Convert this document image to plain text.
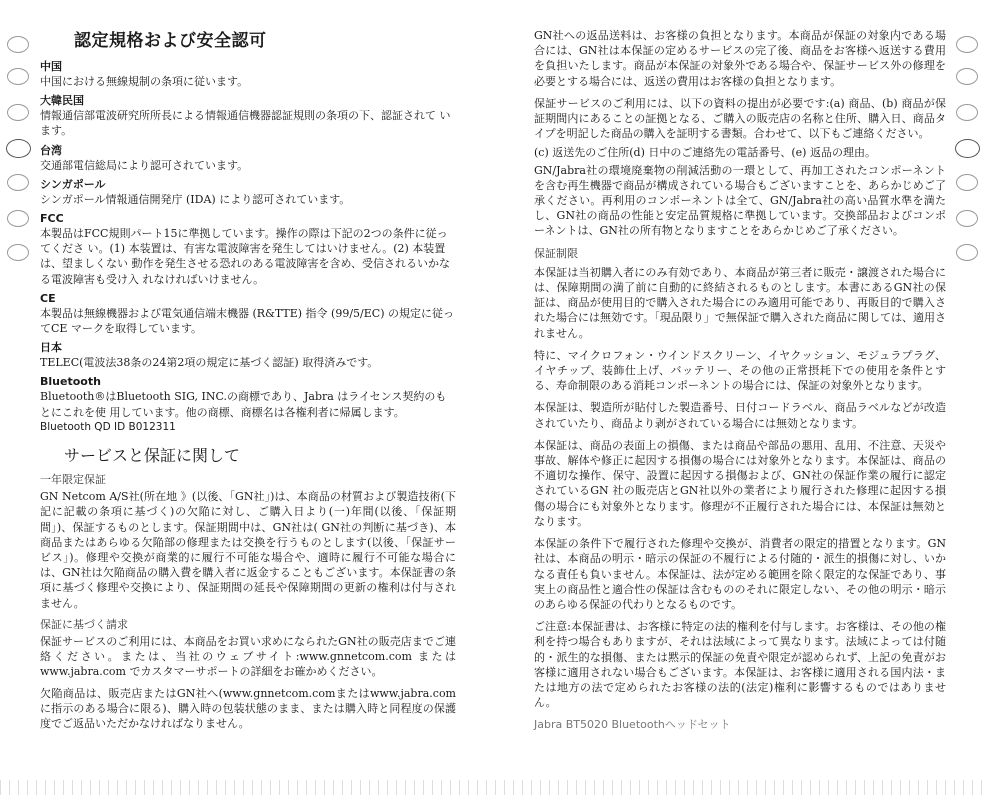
認定規格および安全認可
中国

中国における無線規制の条項に従います。

大韓民国

情報通信部電波研究所所長による情報通信機器認証規則の条項の下、認証されて い ます。

台湾

交通部電信総局により認可されています。

シンガポール

シンガポール情報通信開発庁 (IDA) により認可されています。

FCC

本製品はFCC規則パート15に準拠しています。操作の際は下記の2つの条件に従ってくださ い。(1) 本装置は、有害な電波障害を発生してはいけません。(2) 本装置は、望ましくない 動作を発生させる恐れのある電波障害を含め、受信されるいかなる電波障害も受け入 れなければいけません。

CE

本製品は無線機器および電気通信端末機器 (R&TTE) 指令 (99/5/EC) の規定に従ってCE マークを取得しています。

日本

TELEC(電波法38条の24第2項の規定に基づく認証) 取得済みです。

Bluetooth

Bluetooth®はBluetooth SIG, INC.の商標であり、Jabra はライセンス契約のもとにこれを使 用しています。他の商標、商標名は各権利者に帰属します。

Bluetooth QD ID B012311

サービスと保証に関して
一年限定保証

GN Netcom A/S社(所在地 》(以後、「GN社」)は、本商品の材質および製造技術(下記に記載の条項に基づく)の欠陥に対し、ご購入日より(一)年間(以後、「保証期間」)、保証するものとします。保証期間中は、GN社は( GN社の判断に基づき)、本商品またはあらゆる欠陥部の修理または交換を行うものとします(以後、「保証サービス」)。修理や交換が商業的に履行不可能な場合や、適時に履行不可能な場合には、GN社は欠陥商品の購入費を購入者に返金することもございます。本保証書の条項に基づく修理や交換により、保証期間の延長や保障期間の更新の権利は付与されません。

保証に基づく請求

保証サービスのご利用には、本商品をお買い求めになられたGN社の販売店までご連絡ください。または、当社のウェブサイト:www.gnnetcom.com またはwww.jabra.com でカスタマーサポートの詳細をお確かめください。

欠陥商品は、販売店またはGN社へ(www.gnnetcom.comまたはwww.jabra.comに指示のある場合に限る)、購入時の包装状態のまま、または購入時と同程度の保護度でご返品いただかなければなりません。

GN社への返品送料は、お客様の負担となります。本商品が保証の対象内である場合には、GN社は本保証の定めるサービスの完了後、商品をお客様へ返送する費用を負担いたします。商品が本保証の対象外である場合や、保証サービス外の修理を必要とする場合には、返送の費用はお客様の負担となります。

保証サービスのご利用には、以下の資料の提出が必要です:(a) 商品、(b) 商品が保証期間内にあることの証拠となる、ご購入の販売店の名称と住所、購入日、商品タイプを明記した商品の購入を証明する書類。合わせて、以下もご連絡ください。

(c) 返送先のご住所(d) 日中のご連絡先の電話番号、(e) 返品の理由。

GN/Jabra社の環境廃棄物の削減活動の一環として、再加工されたコンポーネントを含む再生機器で商品が構成されている場合もございますことを、あらかじめご了承ください。再利用のコンポーネントは全て、GN/Jabra社の高い品質水準を満たし、GN社の商品の性能と安定品質規格に準拠しています。交換部品およびコンポーネントは、GN社の所有物となりますことをあらかじめご了承ください。

保証制限

本保証は当初購入者にのみ有効であり、本商品が第三者に販売・譲渡された場合には、保障期間の満了前に自動的に終結されるものとします。本書にあるGN社の保証は、商品が使用目的で購入された場合にのみ適用可能であり、再販目的で購入された場合には無効です。「現品限り」で無保証で購入された商品に関しては、適用されません。

特に、マイクロフォン・ウインドスクリーン、イヤクッション、モジュラプラグ、イヤチップ、装飾仕上げ、バッテリー、その他の正常摂耗下での使用を条件とする、寿命制限のある消耗コンポーネントの場合には、保証の対象外となります。

本保証は、製造所が貼付した製造番号、日付コードラベル、商品ラベルなどが改造されていたり、商品より剥がされている場合には無効となります。

本保証は、商品の表面上の損傷、または商品や部品の悪用、乱用、不注意、天災や事故、解体や修正に起因する損傷の場合には対象外となります。本保証は、商品の不適切な操作、保守、設置に起因する損傷および、GN社の保証作業の履行に認定されているGN 社の販売店とGN社以外の業者により履行された修理に起因する損傷の場合にも対象外となります。修理が不正履行された場合には、本保証は無効となります。

本保証の条件下で履行された修理や交換が、消費者の限定的措置となります。GN社は、本商品の明示・暗示の保証の不履行による付随的・派生的損傷に対し、いかなる責任も負いません。本保証は、法が定める範囲を除く限定的な保証であり、事実上の商品性と適合性の保証は含むもののそれに限定しない、その他の明示・暗示のあらゆる保証の代わりとなるものです。

ご注意:本保証書は、お客様に特定の法的権利を付与します。お客様は、その他の権利を持つ場合もありますが、それは法域によって異なります。法域によっては付随的・派生的な損傷、または黙示的保証の免責や限定が認められず、上記の免責がお客様に適用されない場合もございます。本保証は、お客様に適用される国内法・または地方の法で定められたお客様の法的(法定)権利に影響するものではありません。

Jabra BT5020 Bluetoothヘッドセット
